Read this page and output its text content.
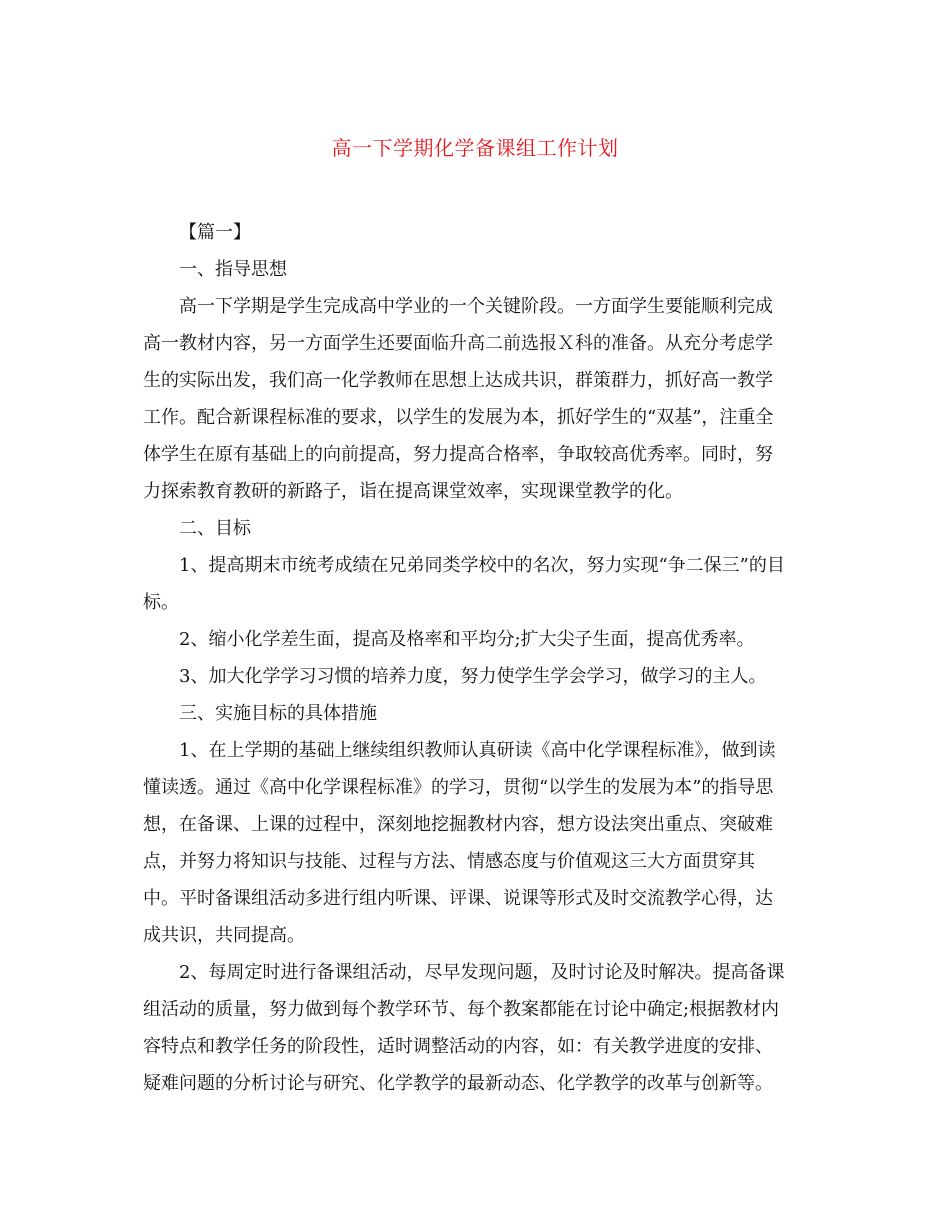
高一下学期化学备课组工作计划
【篇一】
一、指导思想
高一下学期是学生完成高中学业的一个关键阶段。一方面学生要能顺利完成
高一教材内容，另一方面学生还要面临升高二前选报Ｘ科的准备。从充分考虑学
生的实际出发，我们高一化学教师在思想上达成共识，群策群力，抓好高一教学
工作。配合新课程标准的要求，以学生的发展为本，抓好学生的“双基”，注重全
体学生在原有基础上的向前提高，努力提高合格率，争取较高优秀率。同时，努
力探索教育教研的新路子，诣在提高课堂效率，实现课堂教学的化。
二、目标
1、提高期末市统考成绩在兄弟同类学校中的名次，努力实现“争二保三”的目
标。
2、缩小化学差生面，提高及格率和平均分;扩大尖子生面，提高优秀率。
3、加大化学学习习惯的培养力度，努力使学生学会学习，做学习的主人。
三、实施目标的具体措施
1、在上学期的基础上继续组织教师认真研读《高中化学课程标准》，做到读
懂读透。通过《高中化学课程标准》的学习，贯彻“以学生的发展为本”的指导思
想，在备课、上课的过程中，深刻地挖掘教材内容，想方设法突出重点、突破难
点，并努力将知识与技能、过程与方法、情感态度与价值观这三大方面贯穿其
中。平时备课组活动多进行组内听课、评课、说课等形式及时交流教学心得，达
成共识，共同提高。
2、每周定时进行备课组活动，尽早发现问题，及时讨论及时解决。提高备课
组活动的质量，努力做到每个教学环节、每个教案都能在讨论中确定;根据教材内
容特点和教学任务的阶段性，适时调整活动的内容，如：有关教学进度的安排、
疑难问题的分析讨论与研究、化学教学的最新动态、化学教学的改革与创新等。
